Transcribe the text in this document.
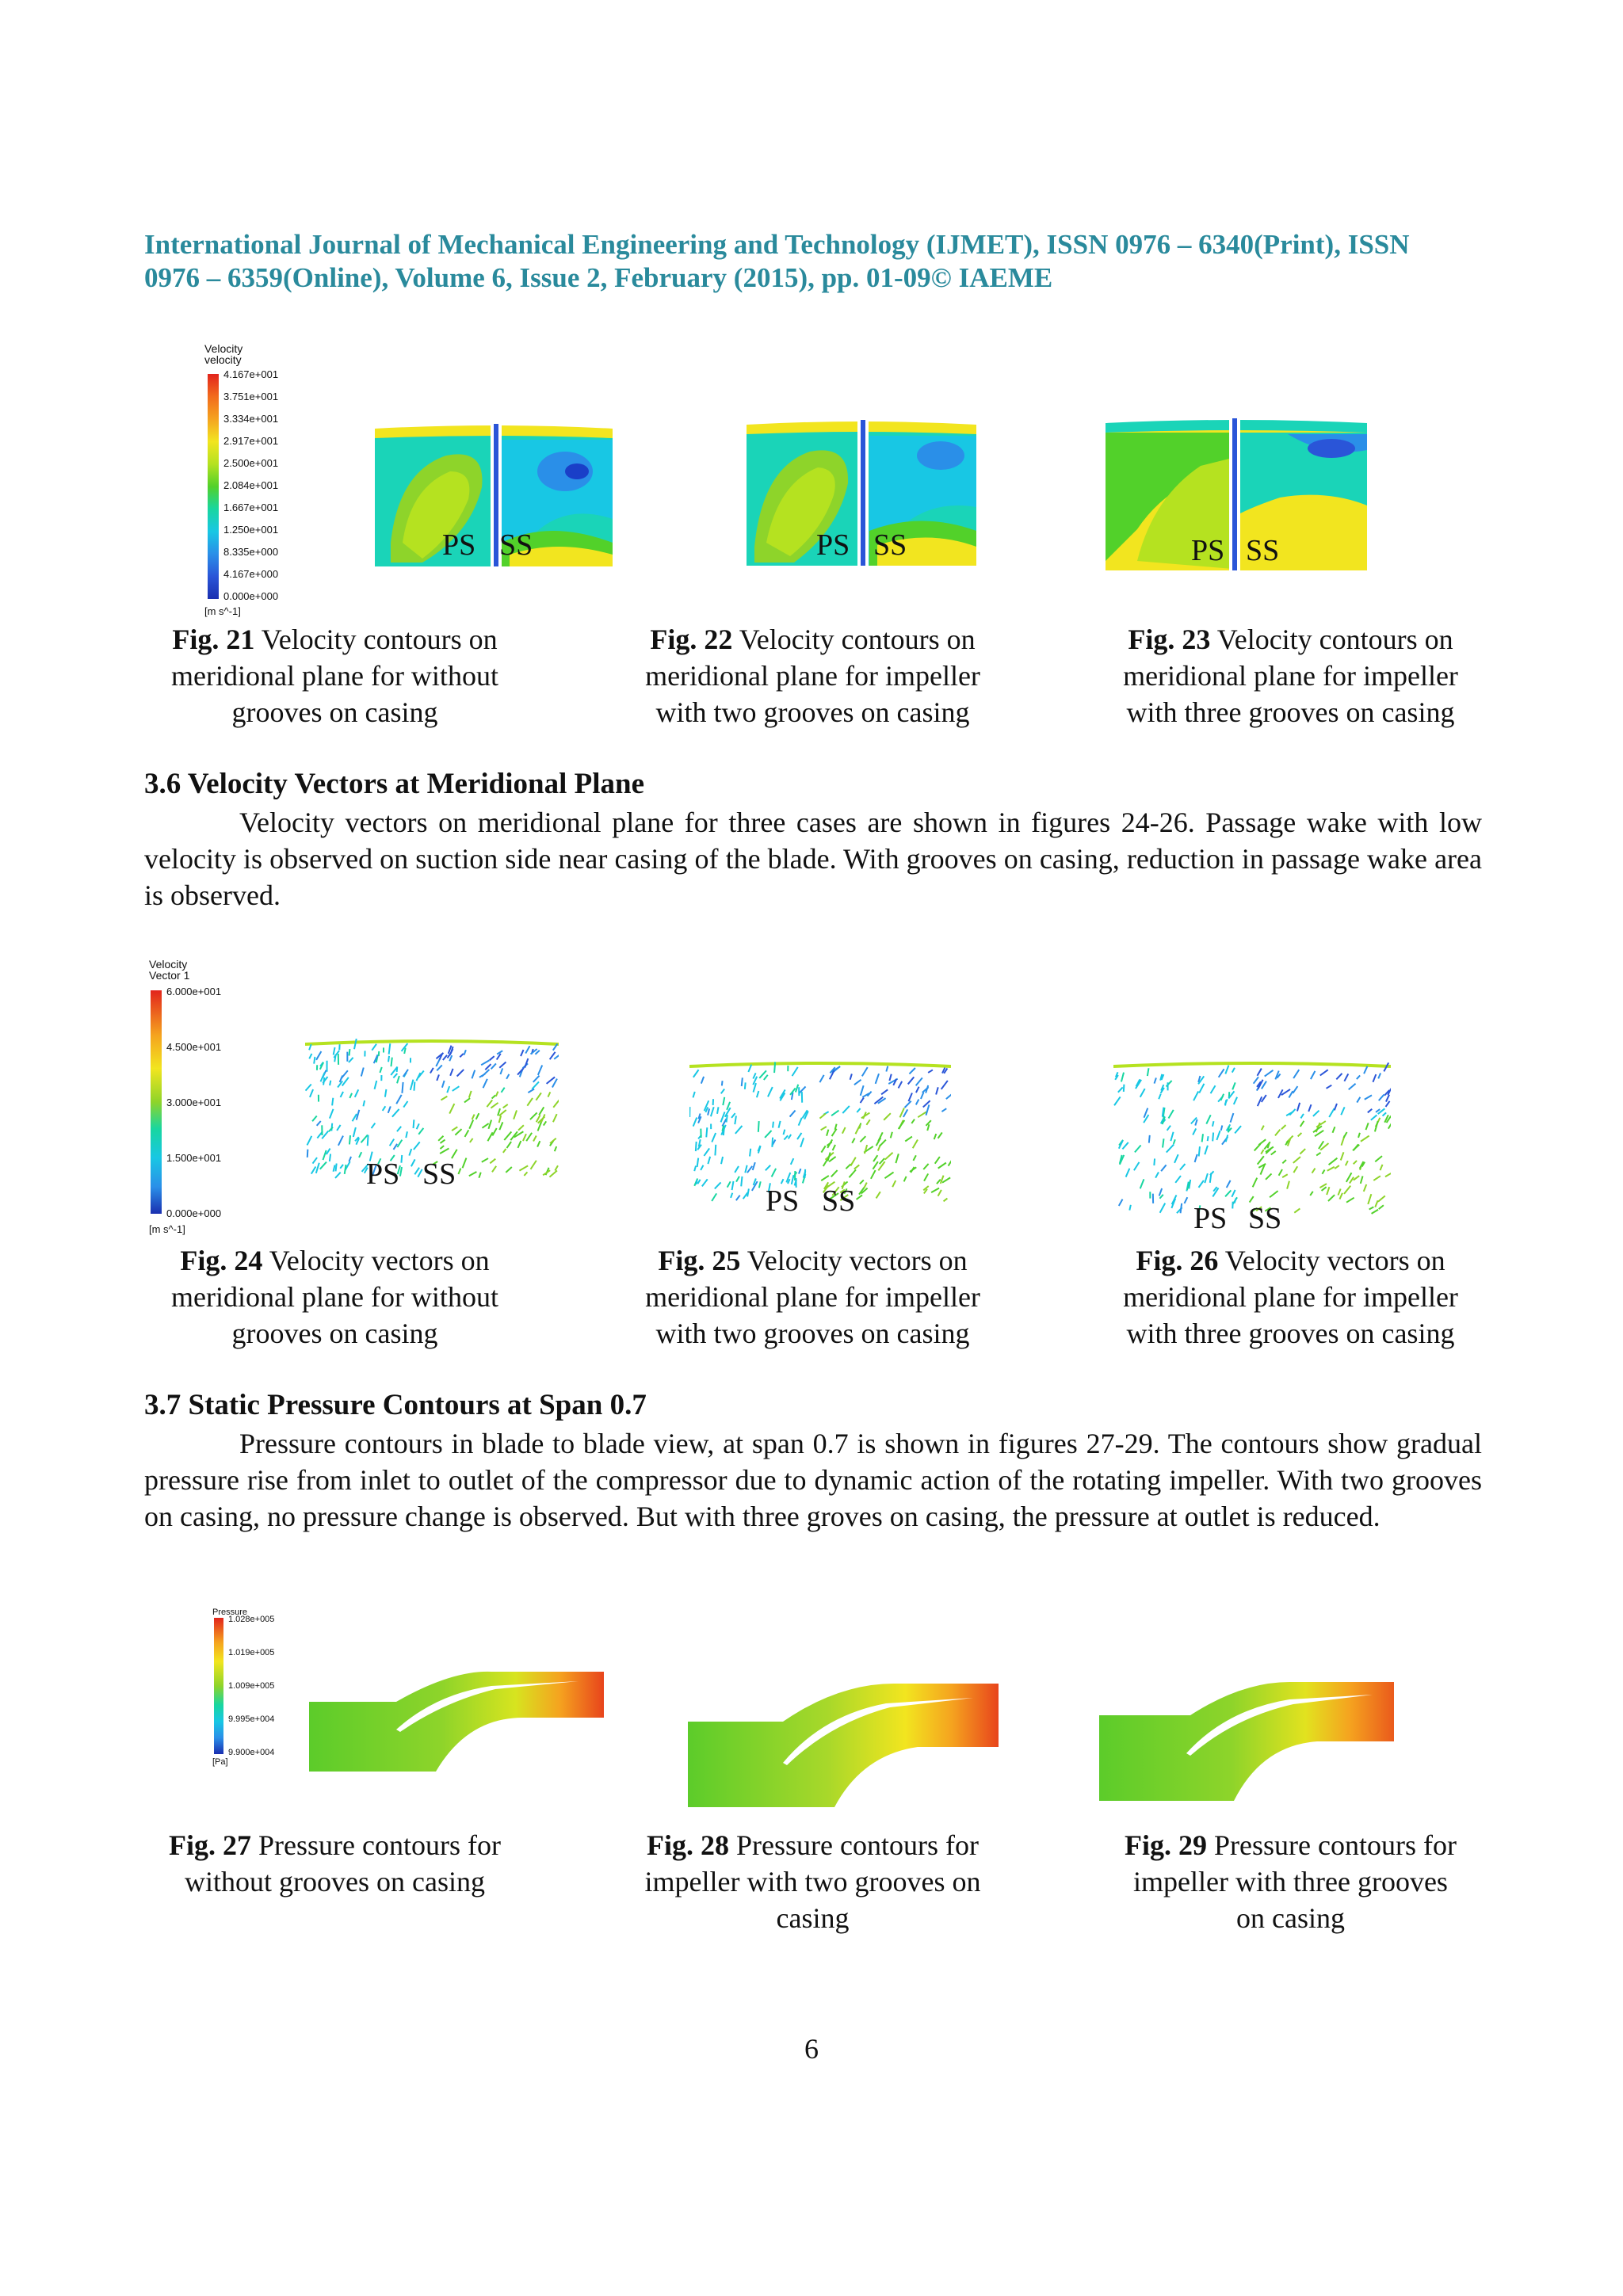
International Journal of Mechanical Engineering and Technology (IJMET), ISSN 0976 – 6340(Print), ISSN
0976 – 6359(Online), Volume 6, Issue 2, February (2015), pp. 01-09© IAEME
Velocity
velocity
4.167e+001
3.751e+001
3.334e+001
2.917e+001
2.500e+001
2.084e+001
1.667e+001
1.250e+001
8.335e+000
4.167e+000
0.000e+000
[m s^-1]
PS SS	PS SS	PS SS
Fig. 21 Velocity contours on
meridional plane for without
grooves on casing
Fig. 22 Velocity contours on
meridional plane for impeller
with two grooves on casing
Fig. 23 Velocity contours on
meridional plane for impeller
with three grooves on casing
3.6 Velocity Vectors at Meridional Plane
Velocity vectors on meridional plane for three cases are shown in figures 24-26. Passage wake with low velocity is observed on suction side near casing of the blade. With grooves on casing, reduction in passage wake area is observed.
Velocity
Vector 1
6.000e+001
4.500e+001
3.000e+001
1.500e+001
0.000e+000
[m s^-1]
PS SS
PS SS
PS SS
Fig. 24 Velocity vectors on
meridional plane for without
grooves on casing
Fig. 25 Velocity vectors on
meridional plane for impeller
with two grooves on casing
Fig. 26 Velocity vectors on
meridional plane for impeller
with three grooves on casing
3.7 Static Pressure Contours at Span 0.7
Pressure contours in blade to blade view, at span 0.7 is shown in figures 27-29. The contours show gradual pressure rise from inlet to outlet of the compressor due to dynamic action of the rotating impeller. With two grooves on casing, no pressure change is observed. But with three groves on casing, the pressure at outlet is reduced.
Pressure
1.028e+005
1.019e+005
1.009e+005
9.995e+004
9.900e+004
[Pa]
Fig. 27 Pressure contours for
without grooves on casing
Fig. 28 Pressure contours for
impeller with two grooves on
casing
Fig. 29 Pressure contours for
impeller with three grooves
on casing
6
